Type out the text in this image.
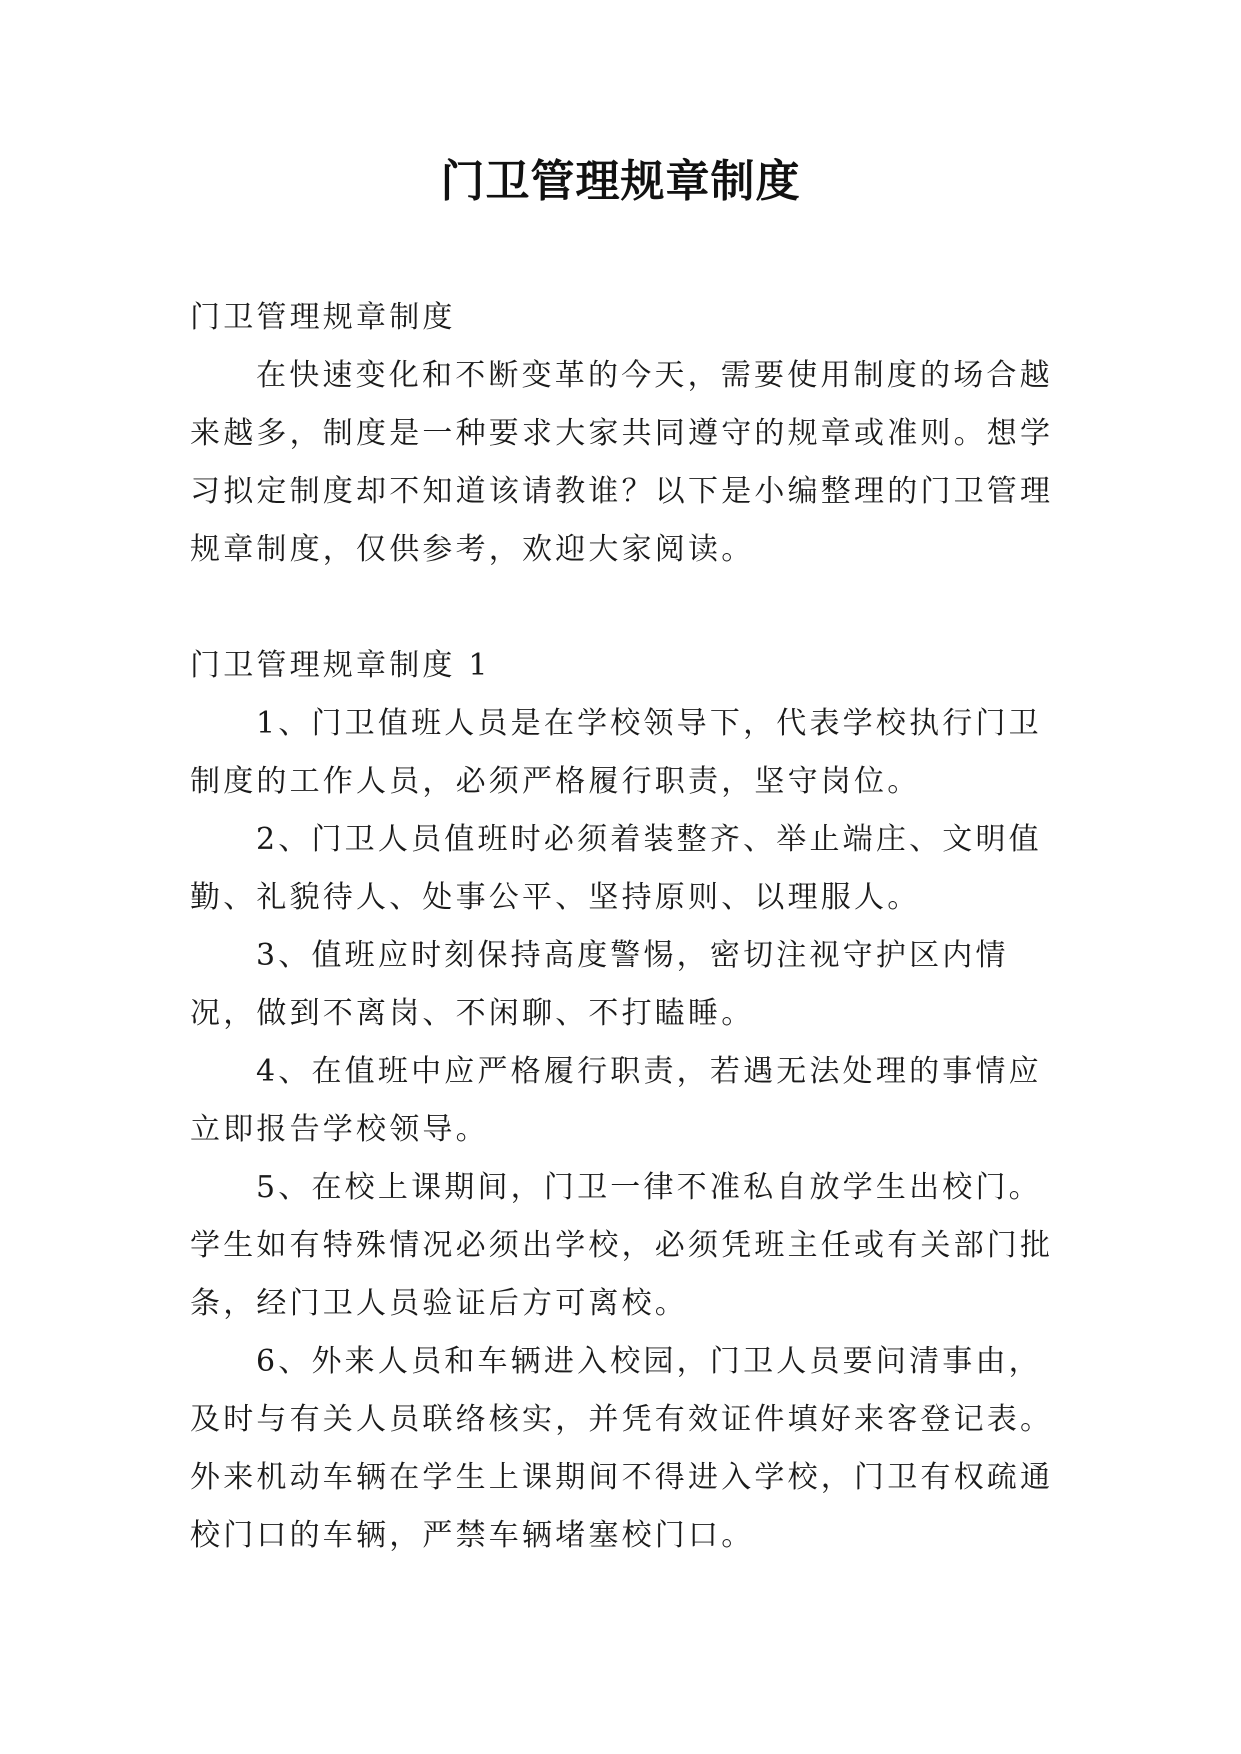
门卫管理规章制度

门卫管理规章制度

在快速变化和不断变革的今天，需要使用制度的场合越来越多，制度是一种要求大家共同遵守的规章或准则。想学习拟定制度却不知道该请教谁？以下是小编整理的门卫管理规章制度，仅供参考，欢迎大家阅读。

门卫管理规章制度 1

1、门卫值班人员是在学校领导下，代表学校执行门卫制度的工作人员，必须严格履行职责，坚守岗位。

2、门卫人员值班时必须着装整齐、举止端庄、文明值勤、礼貌待人、处事公平、坚持原则、以理服人。

3、值班应时刻保持高度警惕，密切注视守护区内情况，做到不离岗、不闲聊、不打瞌睡。

4、在值班中应严格履行职责，若遇无法处理的事情应立即报告学校领导。

5、在校上课期间，门卫一律不准私自放学生出校门。学生如有特殊情况必须出学校，必须凭班主任或有关部门批条，经门卫人员验证后方可离校。

6、外来人员和车辆进入校园，门卫人员要问清事由，及时与有关人员联络核实，并凭有效证件填好来客登记表。外来机动车辆在学生上课期间不得进入学校，门卫有权疏通校门口的车辆，严禁车辆堵塞校门口。
